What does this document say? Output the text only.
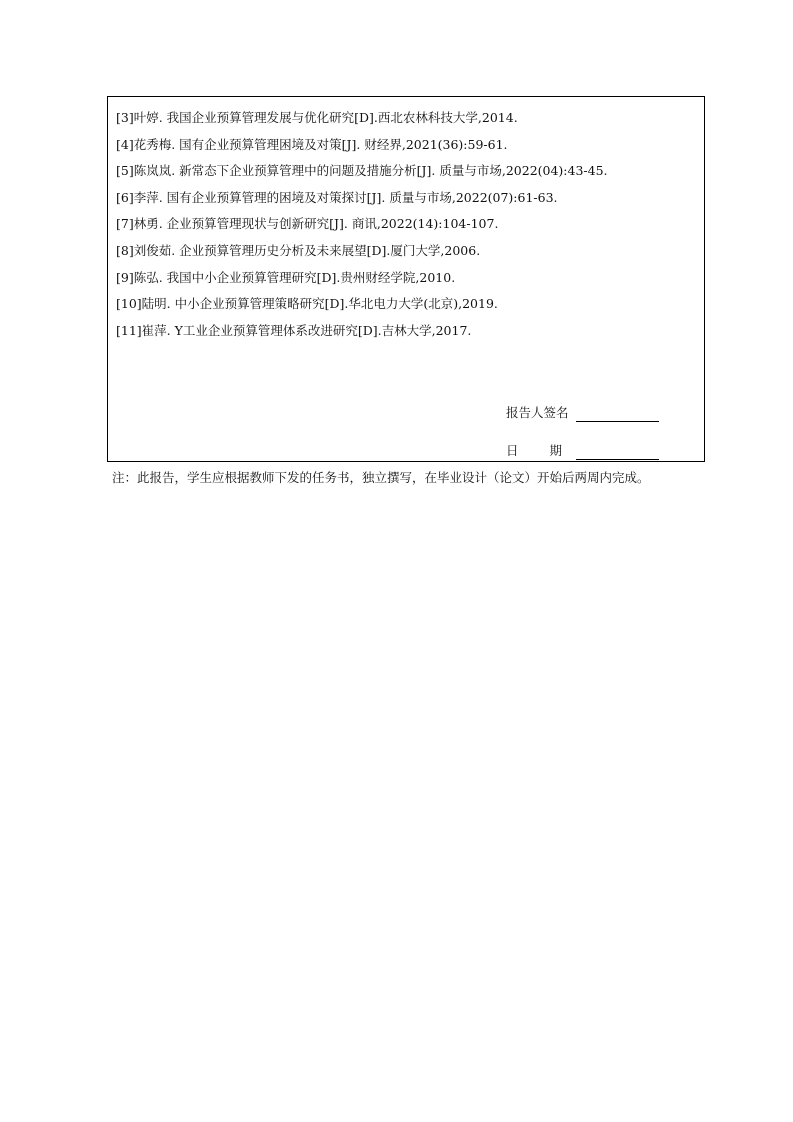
[3]叶婷. 我国企业预算管理发展与优化研究[D].西北农林科技大学,2014.
[4]花秀梅. 国有企业预算管理困境及对策[J]. 财经界,2021(36):59-61.
[5]陈岚岚. 新常态下企业预算管理中的问题及措施分析[J]. 质量与市场,2022(04):43-45.
[6]李萍. 国有企业预算管理的困境及对策探讨[J]. 质量与市场,2022(07):61-63.
[7]林勇. 企业预算管理现状与创新研究[J]. 商讯,2022(14):104-107.
[8]刘俊茹. 企业预算管理历史分析及未来展望[D].厦门大学,2006.
[9]陈弘. 我国中小企业预算管理研究[D].贵州财经学院,2010.
[10]陆明. 中小企业预算管理策略研究[D].华北电力大学(北京),2019.
[11]崔萍. Y工业企业预算管理体系改进研究[D].吉林大学,2017.
报告人签名
日 期
注：此报告，学生应根据教师下发的任务书，独立撰写，在毕业设计（论文）开始后两周内完成。
